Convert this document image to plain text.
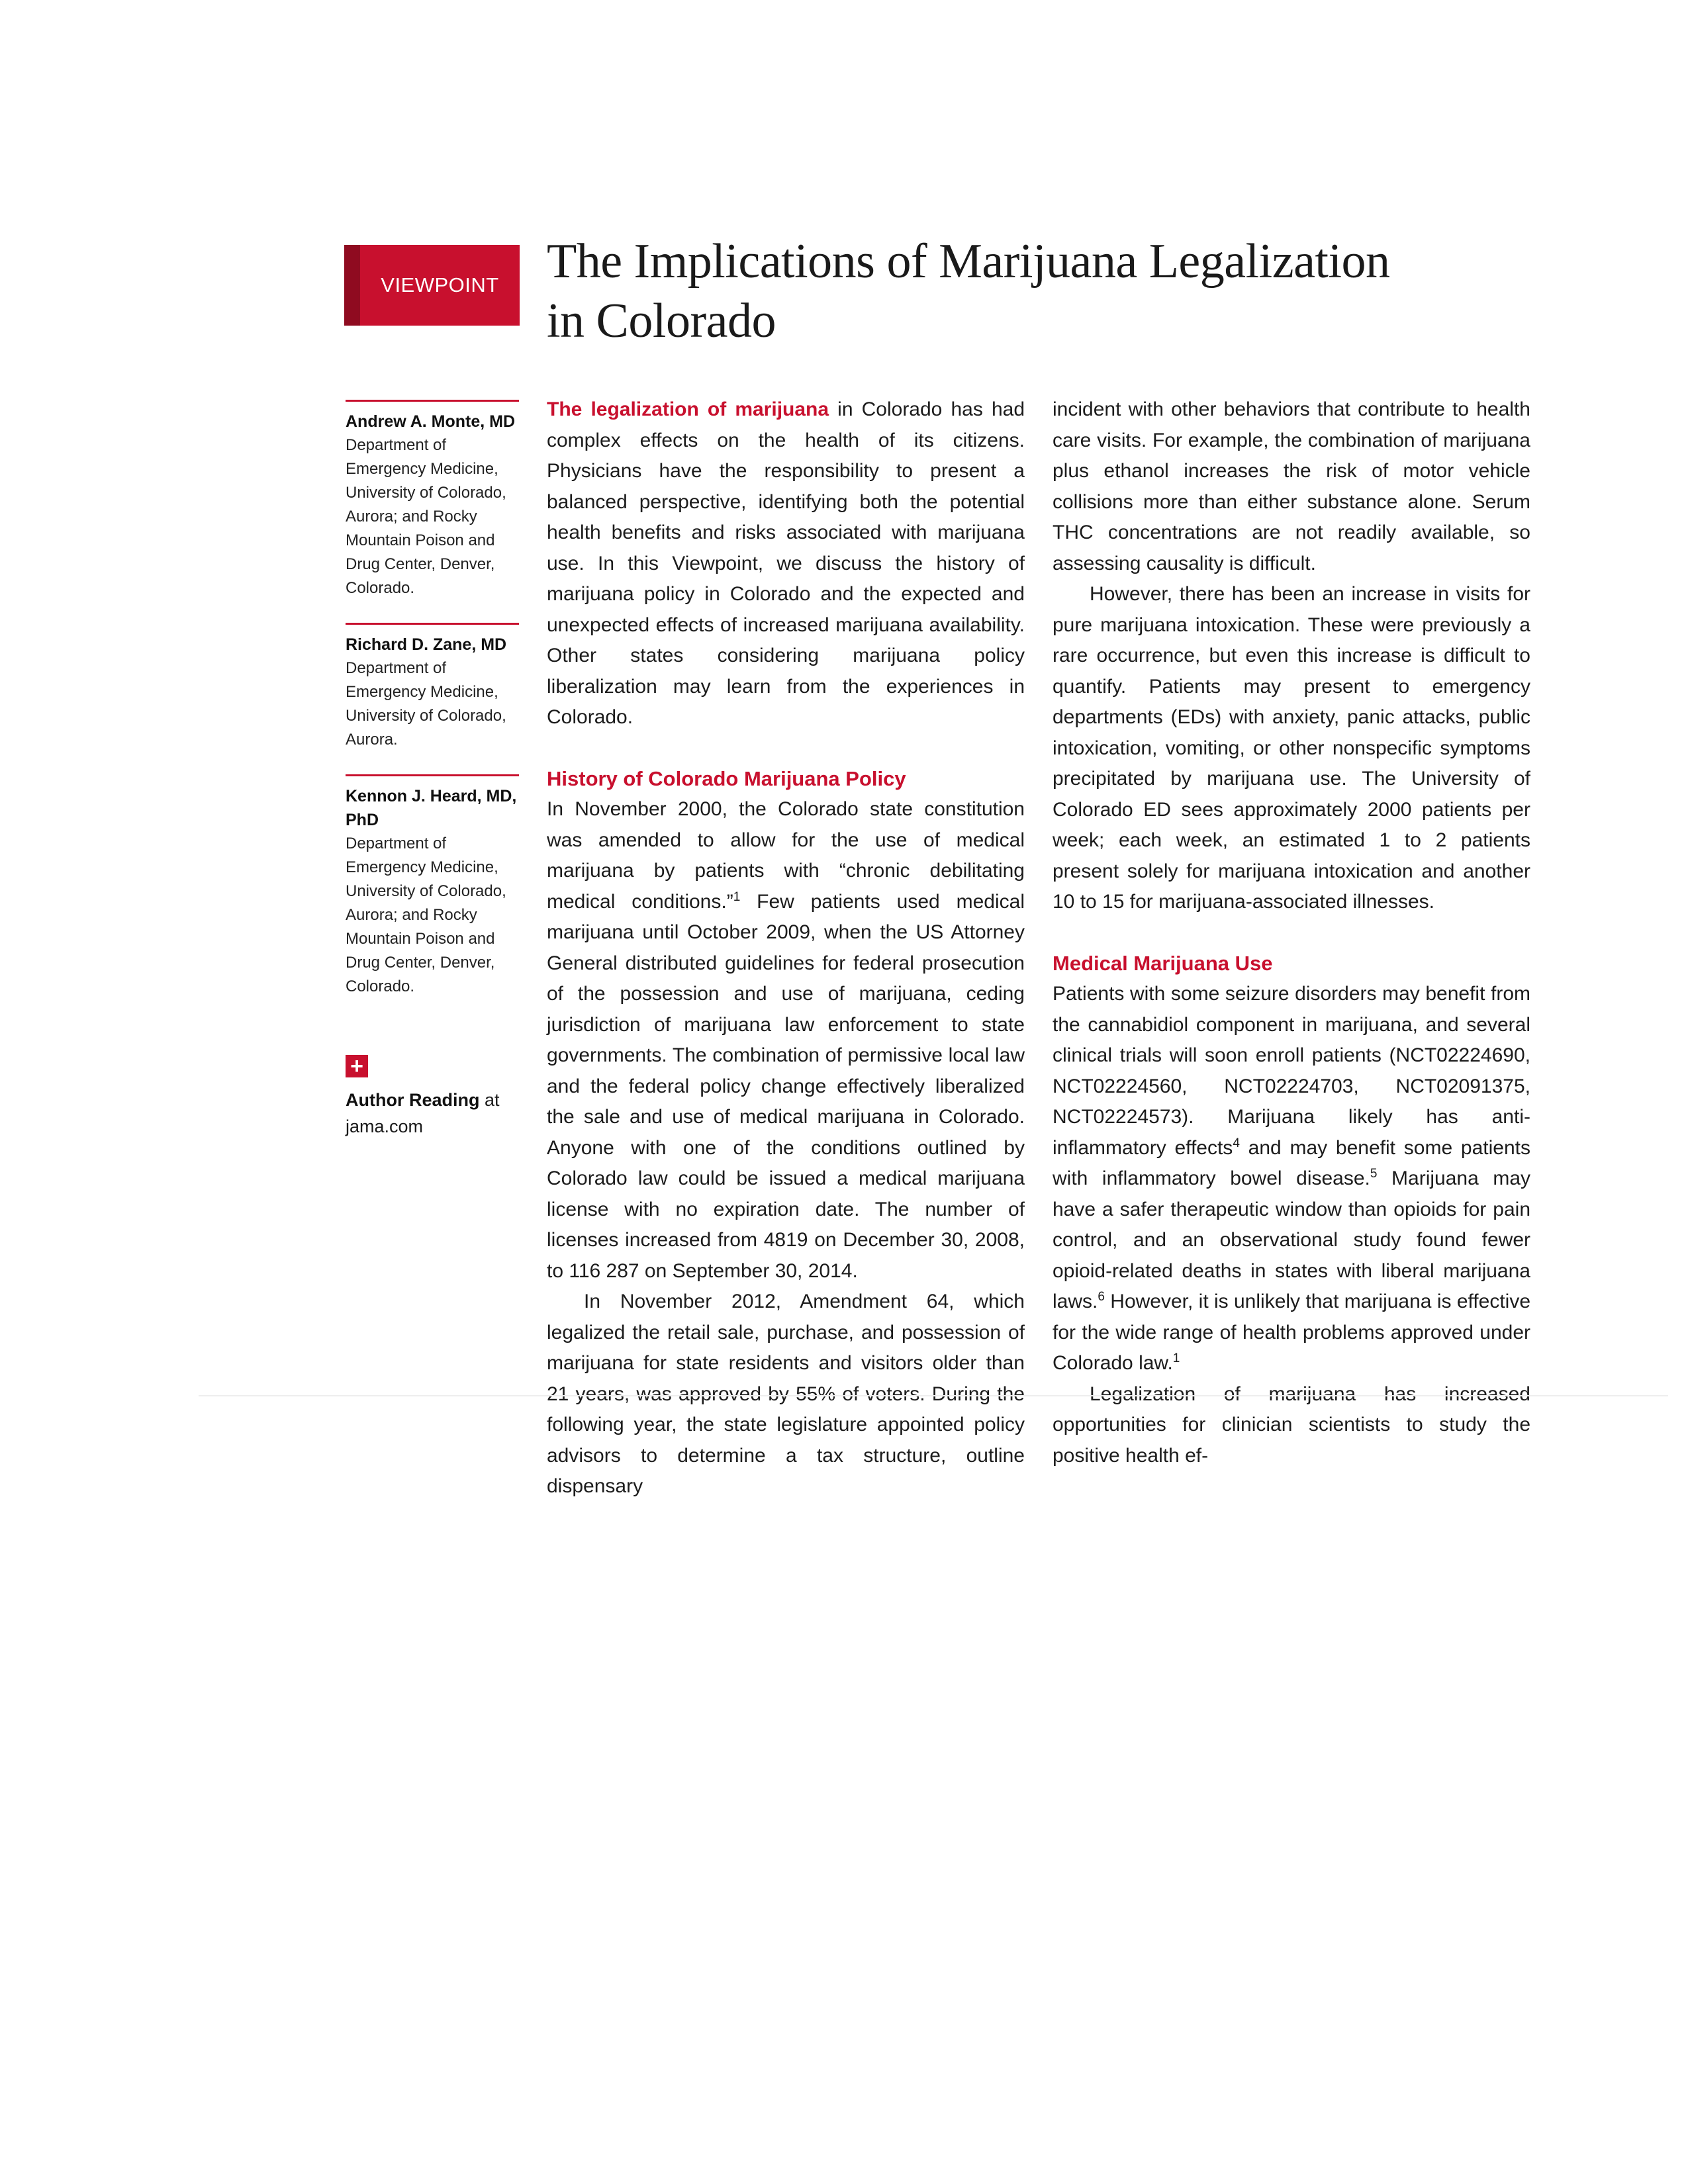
VIEWPOINT The Implications of Marijuana Legalization
in Colorado
Andrew A. Monte, MD
Department of Emergency Medicine, University of Colorado, Aurora; and Rocky Mountain Poison and Drug Center, Denver, Colorado.
Richard D. Zane, MD
Department of Emergency Medicine, University of Colorado, Aurora.
Kennon J. Heard, MD, PhD
Department of Emergency Medicine, University of Colorado, Aurora; and Rocky Mountain Poison and Drug Center, Denver, Colorado.
+
Author Reading at jama.com

The legalization of marijuana in Colorado has had complex effects on the health of its citizens. Physicians have the responsibility to present a balanced perspective, identifying both the potential health benefits and risks associated with marijuana use. In this Viewpoint, we discuss the history of marijuana policy in Colorado and the expected and unexpected effects of increased marijuana availability. Other states considering marijuana policy liberalization may learn from the experiences in Colorado.

History of Colorado Marijuana Policy

In November 2000, the Colorado state constitution was amended to allow for the use of medical marijuana by patients with “chronic debilitating medical conditions.”$^1$ Few patients used medical marijuana until October 2009, when the US Attorney General distributed guidelines for federal prosecution of the possession and use of marijuana, ceding jurisdiction of marijuana law enforcement to state governments. The combination of permissive local law and the federal policy change effectively liberalized the sale and use of medical marijuana in Colorado. Anyone with one of the conditions outlined by Colorado law could be issued a medical marijuana license with no expiration date. The number of licenses increased from 4819 on December 30, 2008, to 116 287 on September 30, 2014.

In November 2012, Amendment 64, which legalized the retail sale, purchase, and possession of marijuana for state residents and visitors older than 21 years, was approved by 55% of voters. During the following year, the state legislature appointed policy advisors to determine a tax structure, outline dispensary

incident with other behaviors that contribute to health care visits. For example, the combination of marijuana plus ethanol increases the risk of motor vehicle collisions more than either substance alone. Serum THC concentrations are not readily available, so assessing causality is difficult.

However, there has been an increase in visits for pure marijuana intoxication. These were previously a rare occurrence, but even this increase is difficult to quantify. Patients may present to emergency departments (EDs) with anxiety, panic attacks, public intoxication, vomiting, or other nonspecific symptoms precipitated by marijuana use. The University of Colorado ED sees approximately 2000 patients per week; each week, an estimated 1 to 2 patients present solely for marijuana intoxication and another 10 to 15 for marijuana-associated illnesses.

Medical Marijuana Use

Patients with some seizure disorders may benefit from the cannabidiol component in marijuana, and several clinical trials will soon enroll patients (NCT02224690, NCT02224560, NCT02224703, NCT02091375, NCT02224573). Marijuana likely has anti-inflammatory effects$^4$ and may benefit some patients with inflammatory bowel disease.$^5$ Marijuana may have a safer therapeutic window than opioids for pain control, and an observational study found fewer opioid-related deaths in states with liberal marijuana laws.$^6$ However, it is unlikely that marijuana is effective for the wide range of health problems approved under Colorado law.$^1$

Legalization of marijuana has increased opportunities for clinician scientists to study the positive health ef-
